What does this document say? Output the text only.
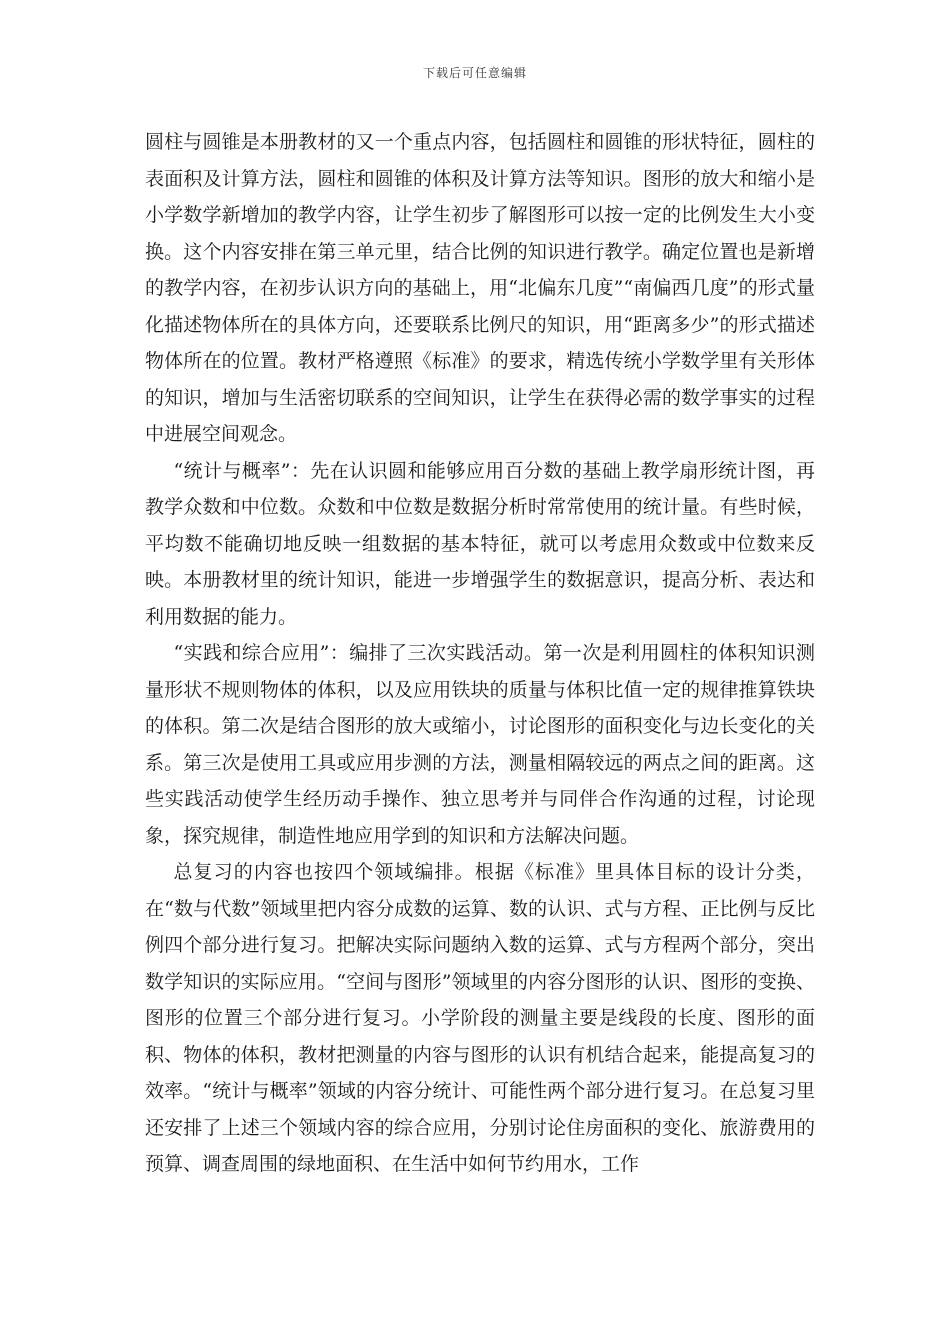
下载后可任意编辑

圆柱与圆锥是本册教材的又一个重点内容，包括圆柱和圆锥的形状特征，圆柱的表面积及计算方法，圆柱和圆锥的体积及计算方法等知识。图形的放大和缩小是小学数学新增加的教学内容，让学生初步了解图形可以按一定的比例发生大小变换。这个内容安排在第三单元里，结合比例的知识进行教学。确定位置也是新增的教学内容，在初步认识方向的基础上，用“北偏东几度”“南偏西几度”的形式量化描述物体所在的具体方向，还要联系比例尺的知识，用“距离多少”的形式描述物体所在的位置。教材严格遵照《标准》的要求，精选传统小学数学里有关形体的知识，增加与生活密切联系的空间知识，让学生在获得必需的数学事实的过程中进展空间观念。

“统计与概率”：先在认识圆和能够应用百分数的基础上教学扇形统计图，再教学众数和中位数。众数和中位数是数据分析时常常使用的统计量。有些时候，平均数不能确切地反映一组数据的基本特征，就可以考虑用众数或中位数来反映。本册教材里的统计知识，能进一步增强学生的数据意识，提高分析、表达和利用数据的能力。

“实践和综合应用”：编排了三次实践活动。第一次是利用圆柱的体积知识测量形状不规则物体的体积，以及应用铁块的质量与体积比值一定的规律推算铁块的体积。第二次是结合图形的放大或缩小，讨论图形的面积变化与边长变化的关系。第三次是使用工具或应用步测的方法，测量相隔较远的两点之间的距离。这些实践活动使学生经历动手操作、独立思考并与同伴合作沟通的过程，讨论现象，探究规律，制造性地应用学到的知识和方法解决问题。

总复习的内容也按四个领域编排。根据《标准》里具体目标的设计分类，在“数与代数”领域里把内容分成数的运算、数的认识、式与方程、正比例与反比例四个部分进行复习。把解决实际问题纳入数的运算、式与方程两个部分，突出数学知识的实际应用。“空间与图形”领域里的内容分图形的认识、图形的变换、图形的位置三个部分进行复习。小学阶段的测量主要是线段的长度、图形的面积、物体的体积，教材把测量的内容与图形的认识有机结合起来，能提高复习的效率。“统计与概率”领域的内容分统计、可能性两个部分进行复习。在总复习里还安排了上述三个领域内容的综合应用，分别讨论住房面积的变化、旅游费用的预算、调查周围的绿地面积、在生活中如何节约用水，工作
